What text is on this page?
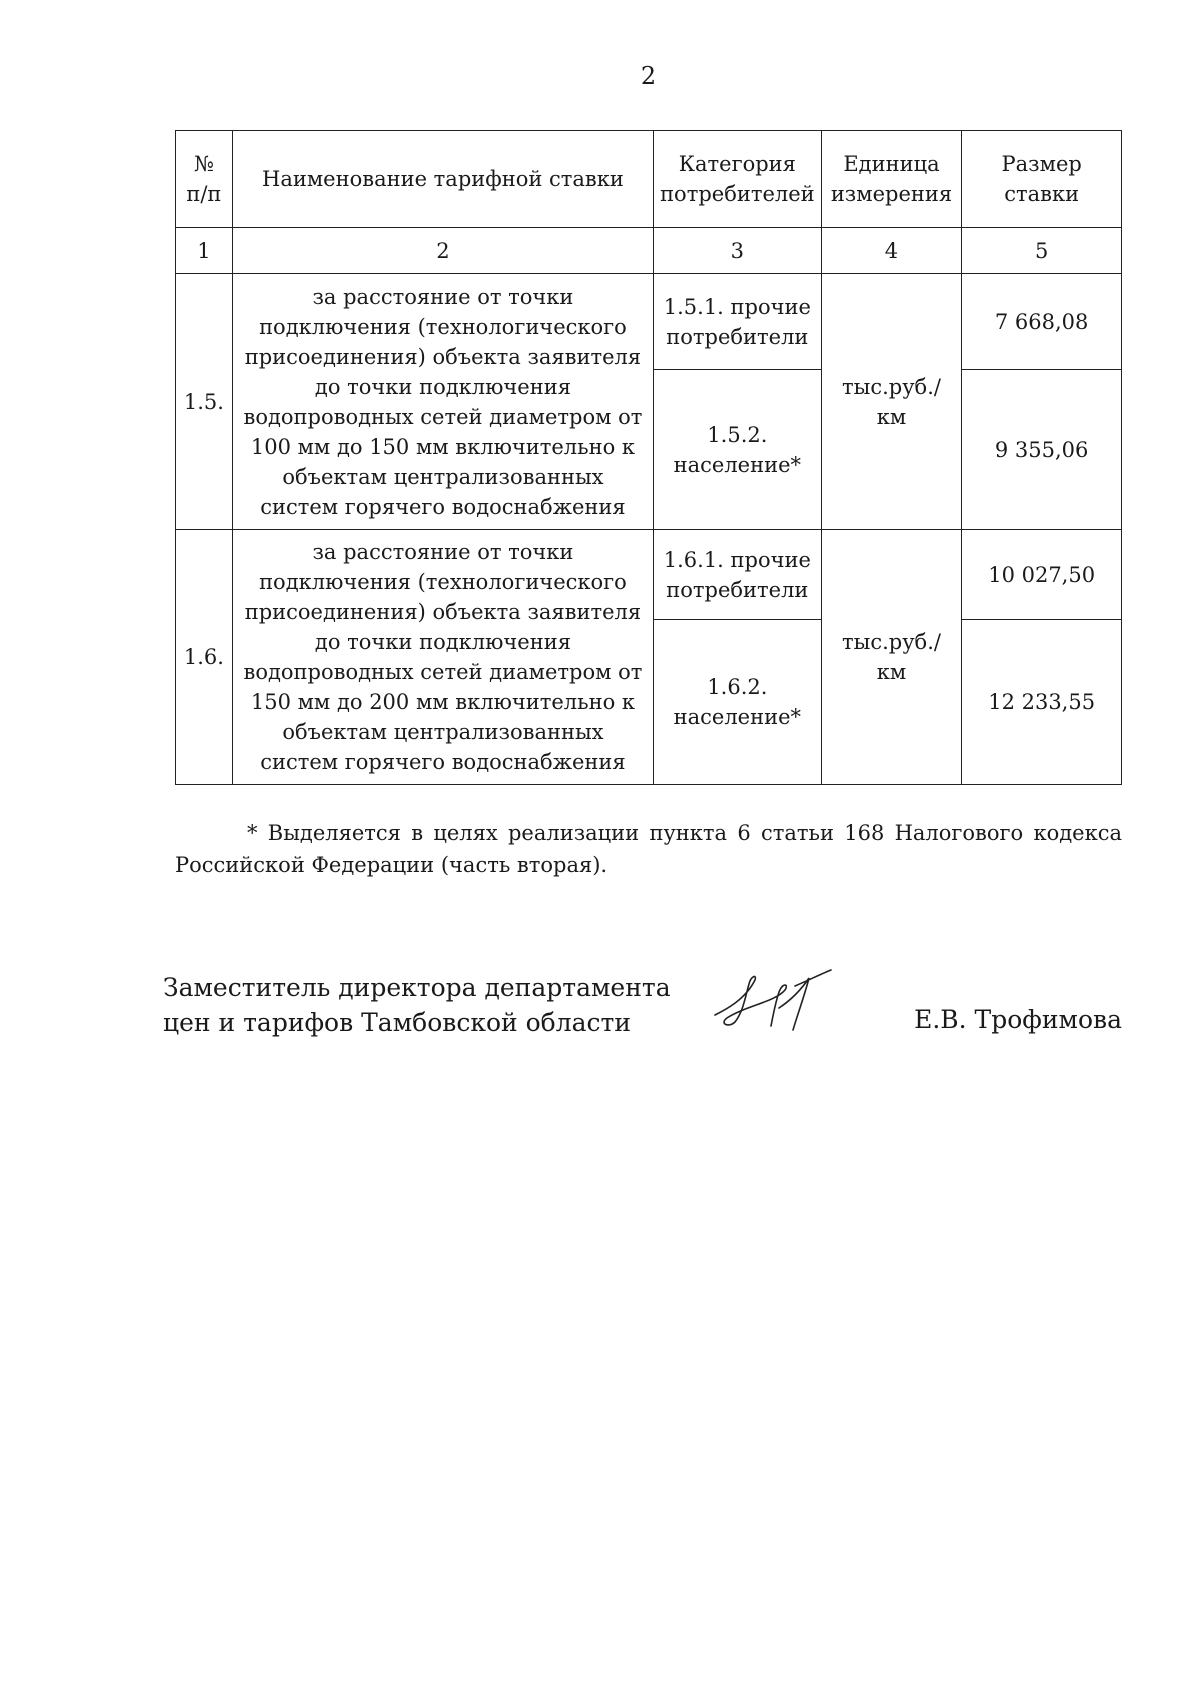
2
№ п/п	Наименование тарифной ставки	Категория потребителей	Единица измерения	Размер ставки
1	2	3	4	5
1.5.	за расстояние от точки подключения (технологического присоединения) объекта заявителя до точки подключения водопроводных сетей диаметром от 100 мм до 150 мм включительно к объектам централизованных систем горячего водоснабжения	1.5.1. прочие потребители	тыс.руб./км	7 668,08
		1.5.2. население*		9 355,06
1.6.	за расстояние от точки подключения (технологического присоединения) объекта заявителя до точки подключения водопроводных сетей диаметром от 150 мм до 200 мм включительно к объектам централизованных систем горячего водоснабжения	1.6.1. прочие потребители	тыс.руб./км	10 027,50
		1.6.2. население*		12 233,55
* Выделяется в целях реализации пункта 6 статьи 168 Налогового кодекса
Российской Федерации (часть вторая).
Заместитель директора департамента
цен и тарифов Тамбовской области	Е.В. Трофимова
